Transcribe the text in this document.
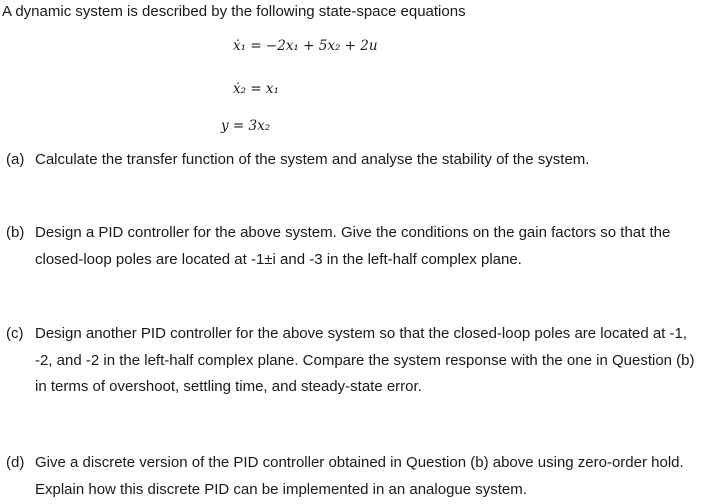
A dynamic system is described by the following state-space equations
ẋ₁ = −2x₁ + 5x₂ + 2u
ẋ₂ = x₁
y = 3x₂
(a) Calculate the transfer function of the system and analyse the stability of the system.
(b) Design a PID controller for the above system. Give the conditions on the gain factors so that the closed-loop poles are located at -1±i and -3 in the left-half complex plane.
(c) Design another PID controller for the above system so that the closed-loop poles are located at -1, -2, and -2 in the left-half complex plane. Compare the system response with the one in Question (b) in terms of overshoot, settling time, and steady-state error.
(d) Give a discrete version of the PID controller obtained in Question (b) above using zero-order hold. Explain how this discrete PID can be implemented in an analogue system.
